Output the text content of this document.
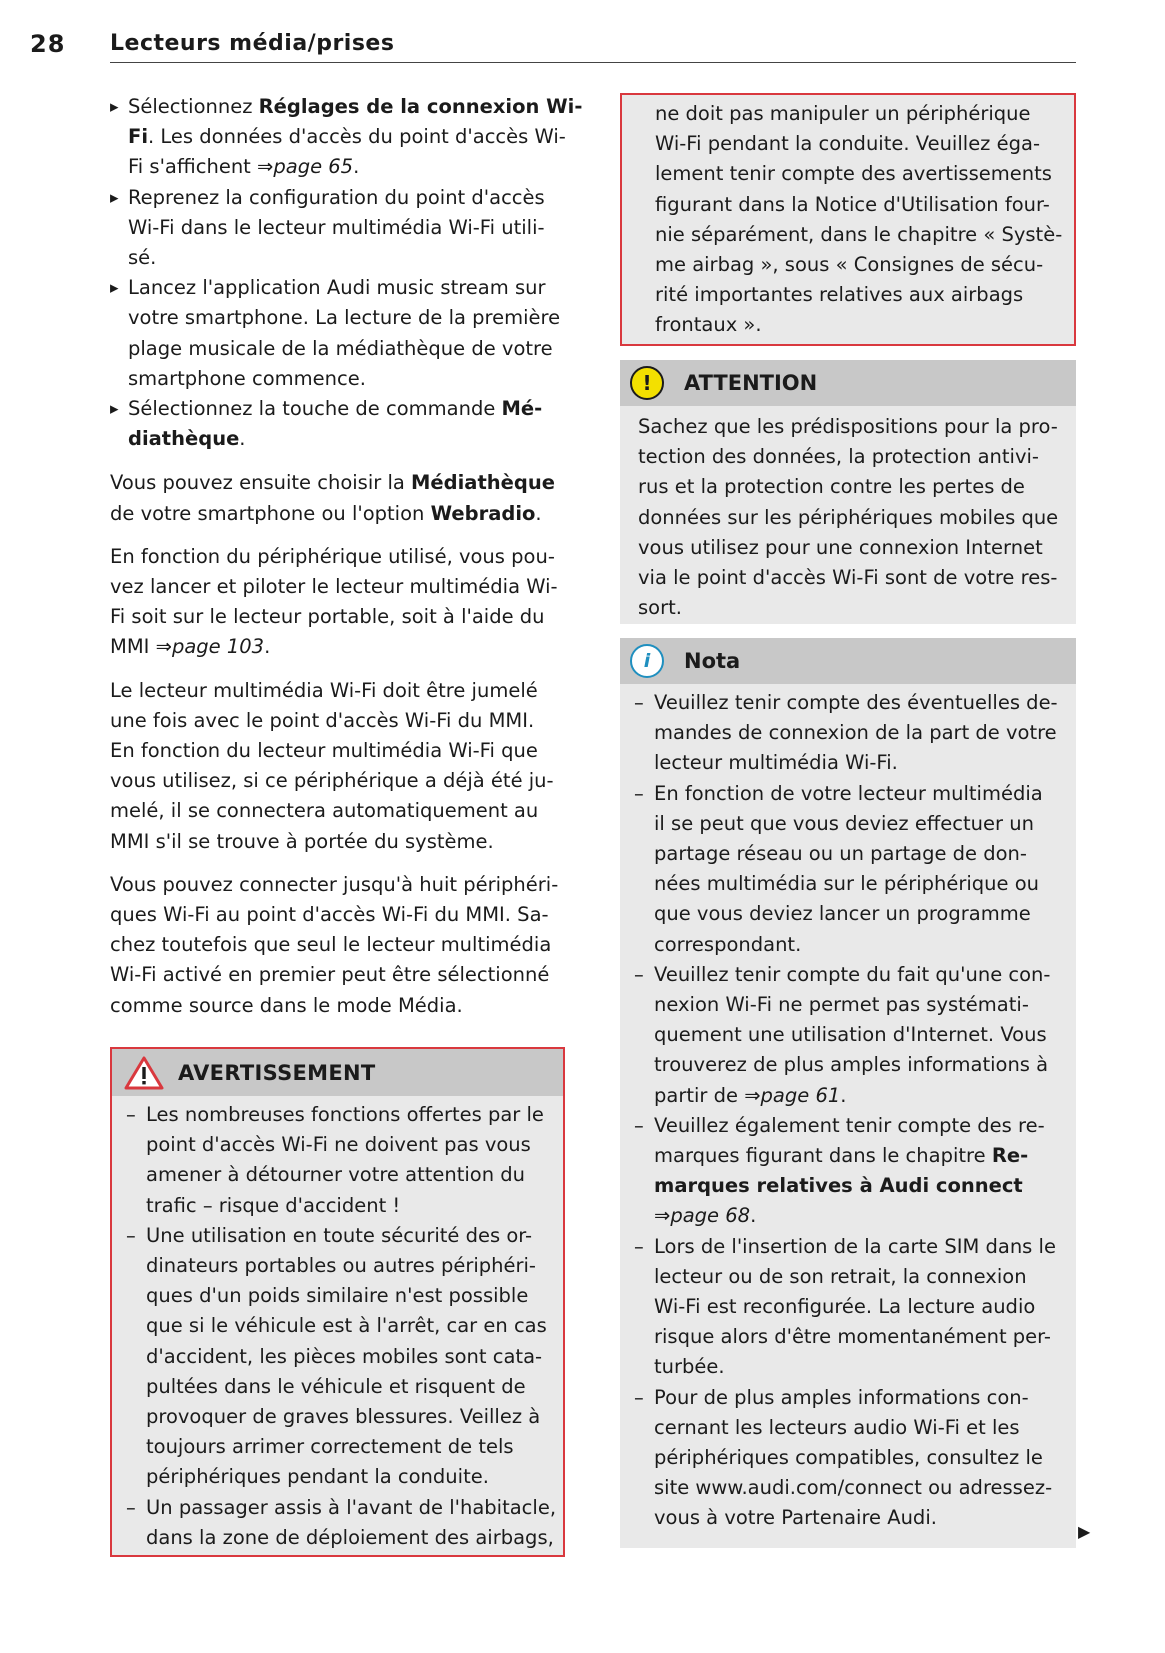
28 Lecteurs média/prises
▸ Sélectionnez Réglages de la connexion Wi-
Fi. Les données d'accès du point d'accès Wi-
Fi s'affichent ⇒page 65.
▸ Reprenez la configuration du point d'accès
Wi-Fi dans le lecteur multimédia Wi-Fi utili-
sé.
▸ Lancez l'application Audi music stream sur
votre smartphone. La lecture de la première
plage musicale de la médiathèque de votre
smartphone commence.
▸ Sélectionnez la touche de commande Mé-
diathèque.
Vous pouvez ensuite choisir la Médiathèque
de votre smartphone ou l'option Webradio.
En fonction du périphérique utilisé, vous pou-
vez lancer et piloter le lecteur multimédia Wi-
Fi soit sur le lecteur portable, soit à l'aide du
MMI ⇒page 103.
Le lecteur multimédia Wi-Fi doit être jumelé
une fois avec le point d'accès Wi-Fi du MMI.
En fonction du lecteur multimédia Wi-Fi que
vous utilisez, si ce périphérique a déjà été ju-
melé, il se connectera automatiquement au
MMI s'il se trouve à portée du système.
Vous pouvez connecter jusqu'à huit périphéri-
ques Wi-Fi au point d'accès Wi-Fi du MMI. Sa-
chez toutefois que seul le lecteur multimédia
Wi-Fi activé en premier peut être sélectionné
comme source dans le mode Média.
AVERTISSEMENT
– Les nombreuses fonctions offertes par le
point d'accès Wi-Fi ne doivent pas vous
amener à détourner votre attention du
trafic – risque d'accident !
– Une utilisation en toute sécurité des or-
dinateurs portables ou autres périphéri-
ques d'un poids similaire n'est possible
que si le véhicule est à l'arrêt, car en cas
d'accident, les pièces mobiles sont cata-
pultées dans le véhicule et risquent de
provoquer de graves blessures. Veillez à
toujours arrimer correctement de tels
périphériques pendant la conduite.
– Un passager assis à l'avant de l'habitacle,
dans la zone de déploiement des airbags,
ne doit pas manipuler un périphérique
Wi-Fi pendant la conduite. Veuillez éga-
lement tenir compte des avertissements
figurant dans la Notice d'Utilisation four-
nie séparément, dans le chapitre « Systè-
me airbag », sous « Consignes de sécu-
rité importantes relatives aux airbags
frontaux ».
!	ATTENTION
Sachez que les prédispositions pour la pro-
tection des données, la protection antivi-
rus et la protection contre les pertes de
données sur les périphériques mobiles que
vous utilisez pour une connexion Internet
via le point d'accès Wi-Fi sont de votre res-
sort.
i	Nota
– Veuillez tenir compte des éventuelles de-
mandes de connexion de la part de votre
lecteur multimédia Wi-Fi.
– En fonction de votre lecteur multimédia
il se peut que vous deviez effectuer un
partage réseau ou un partage de don-
nées multimédia sur le périphérique ou
que vous deviez lancer un programme
correspondant.
– Veuillez tenir compte du fait qu'une con-
nexion Wi-Fi ne permet pas systémati-
quement une utilisation d'Internet. Vous
trouverez de plus amples informations à
partir de ⇒page 61.
– Veuillez également tenir compte des re-
marques figurant dans le chapitre Re-
marques relatives à Audi connect
⇒page 68.
– Lors de l'insertion de la carte SIM dans le
lecteur ou de son retrait, la connexion
Wi-Fi est reconfigurée. La lecture audio
risque alors d'être momentanément per-
turbée.
– Pour de plus amples informations con-
cernant les lecteurs audio Wi-Fi et les
périphériques compatibles, consultez le
site www.audi.com/connect ou adressez-
vous à votre Partenaire Audi.
▶
